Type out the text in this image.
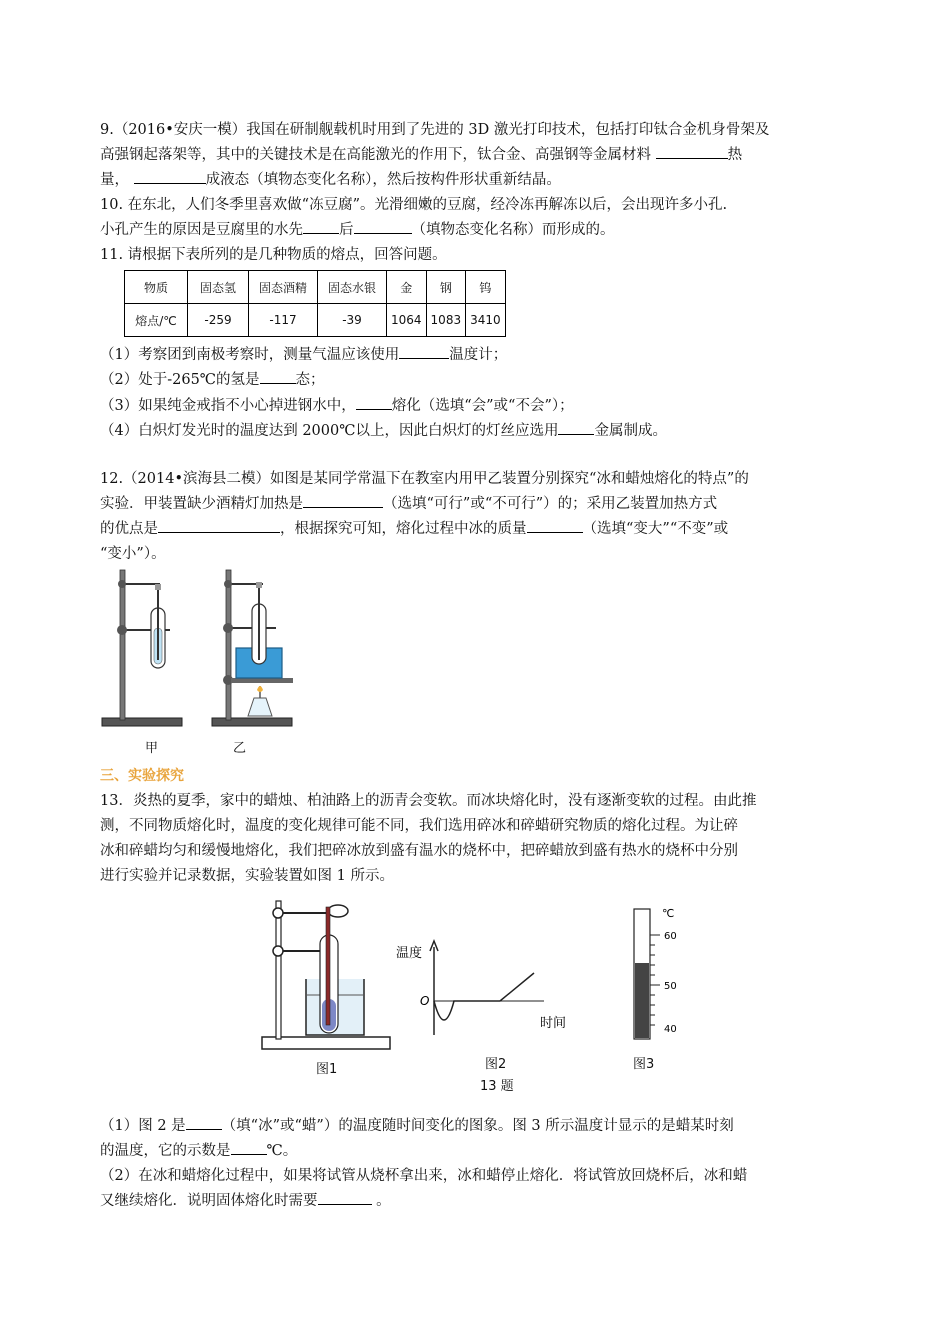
9.（2016•安庆一模）我国在研制舰载机时用到了先进的 3D 激光打印技术，包括打印钛合金机身骨架及
高强钢起落架等，其中的关键技术是在高能激光的作用下，钛合金、高强钢等金属材料	热
量，	成液态（填物态变化名称），然后按构件形状重新结晶。
10. 在东北，人们冬季里喜欢做“冻豆腐”。光滑细嫩的豆腐，经冷冻再解冻以后，会出现许多小孔.
小孔产生的原因是豆腐里的水先 后	（填物态变化名称）而形成的。
11. 请根据下表所列的是几种物质的熔点，回答问题。
物质	固态氢	固态酒精	固态水银	金	钢	钨
熔点/℃	-259	-117	-39	1064	1083	3410
（1）考察团到南极考察时，测量气温应该使用	温度计；
（2）处于-265℃的氢是 态；
（3）如果纯金戒指不小心掉进钢水中， 熔化（选填“会”或“不会”）；
（4）白炽灯发光时的温度达到 2000℃以上，因此白炽灯的灯丝应选用 金属制成。
12.（2014•滨海县二模）如图是某同学常温下在教室内用甲乙装置分别探究“冰和蜡烛熔化的特点”的
实验．甲装置缺少酒精灯加热是	（选填“可行”或“不可行”）的；采用乙装置加热方式
的优点是	，根据探究可知，熔化过程中冰的质量	（选填“变大”“不变”或
“变小”）。
甲	乙
三、实验探究
13．炎热的夏季，家中的蜡烛、柏油路上的沥青会变软。而冰块熔化时，没有逐渐变软的过程。由此推
测，不同物质熔化时，温度的变化规律可能不同，我们选用碎冰和碎蜡研究物质的熔化过程。为让碎
冰和碎蜡均匀和缓慢地熔化，我们把碎冰放到盛有温水的烧杯中，把碎蜡放到盛有热水的烧杯中分别
进行实验并记录数据，实验装置如图 1 所示。
图1
温度
O
时间
图2
13 题
℃
60
50
40
图3
（1）图 2 是 （填“冰”或“蜡”）的温度随时间变化的图象。图 3 所示温度计显示的是蜡某时刻
的温度，它的示数是 ℃。
（2）在冰和蜡熔化过程中，如果将试管从烧杯拿出来，冰和蜡停止熔化．将试管放回烧杯后，冰和蜡
又继续熔化．说明固体熔化时需要	。
